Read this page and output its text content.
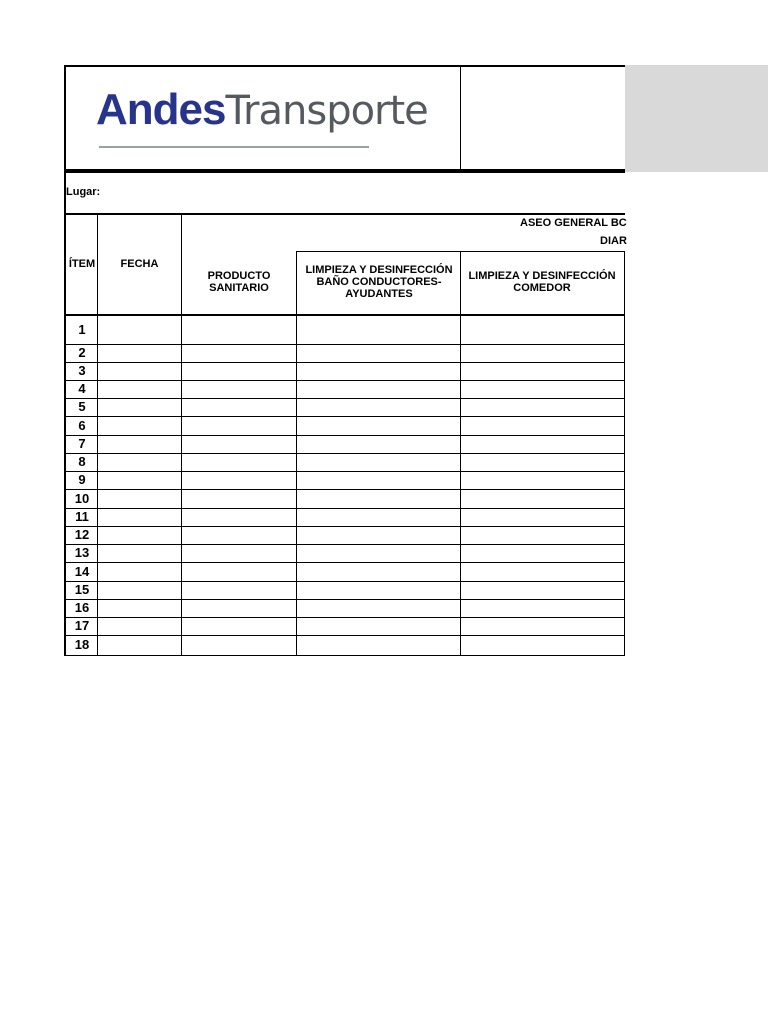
AndesTransporte
Lugar:
ASEO GENERAL BC
DIAR
ÍTEM	FECHA
PRODUCTO SANITARIO
LIMPIEZA Y DESINFECCIÓN BAÑO CONDUCTORES-AYUDANTES
LIMPIEZA Y DESINFECCIÓN COMEDOR
1
2
3
4
5
6
7
8
9
10
11
12
13
14
15
16
17
18
